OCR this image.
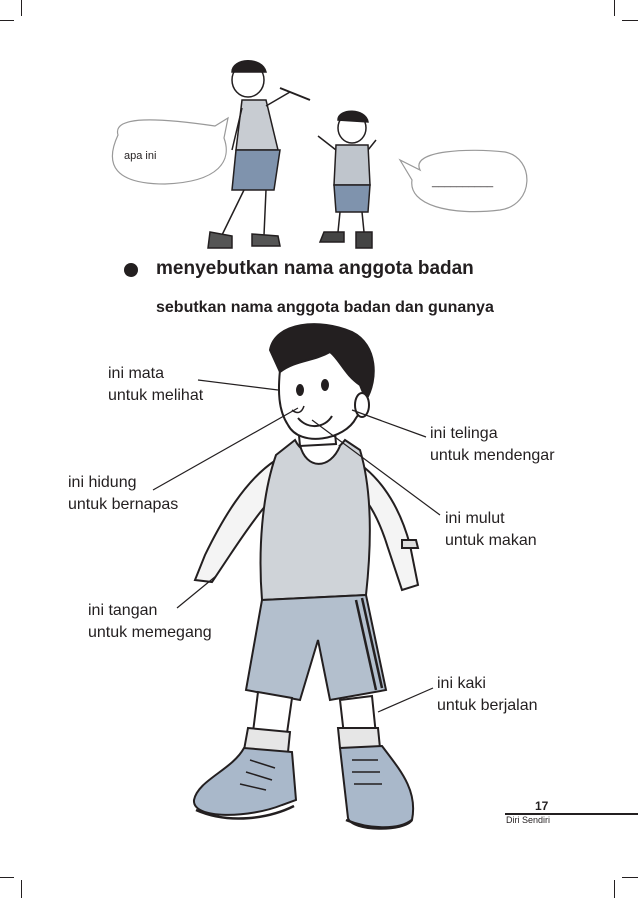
apa ini
__________
menyebutkan nama anggota badan
sebutkan nama anggota badan dan gunanya
ini mata
untuk melihat
ini telinga
untuk mendengar
ini hidung
untuk bernapas
ini mulut
untuk makan
ini tangan
untuk memegang
ini kaki
untuk berjalan
17
Diri Sendiri
